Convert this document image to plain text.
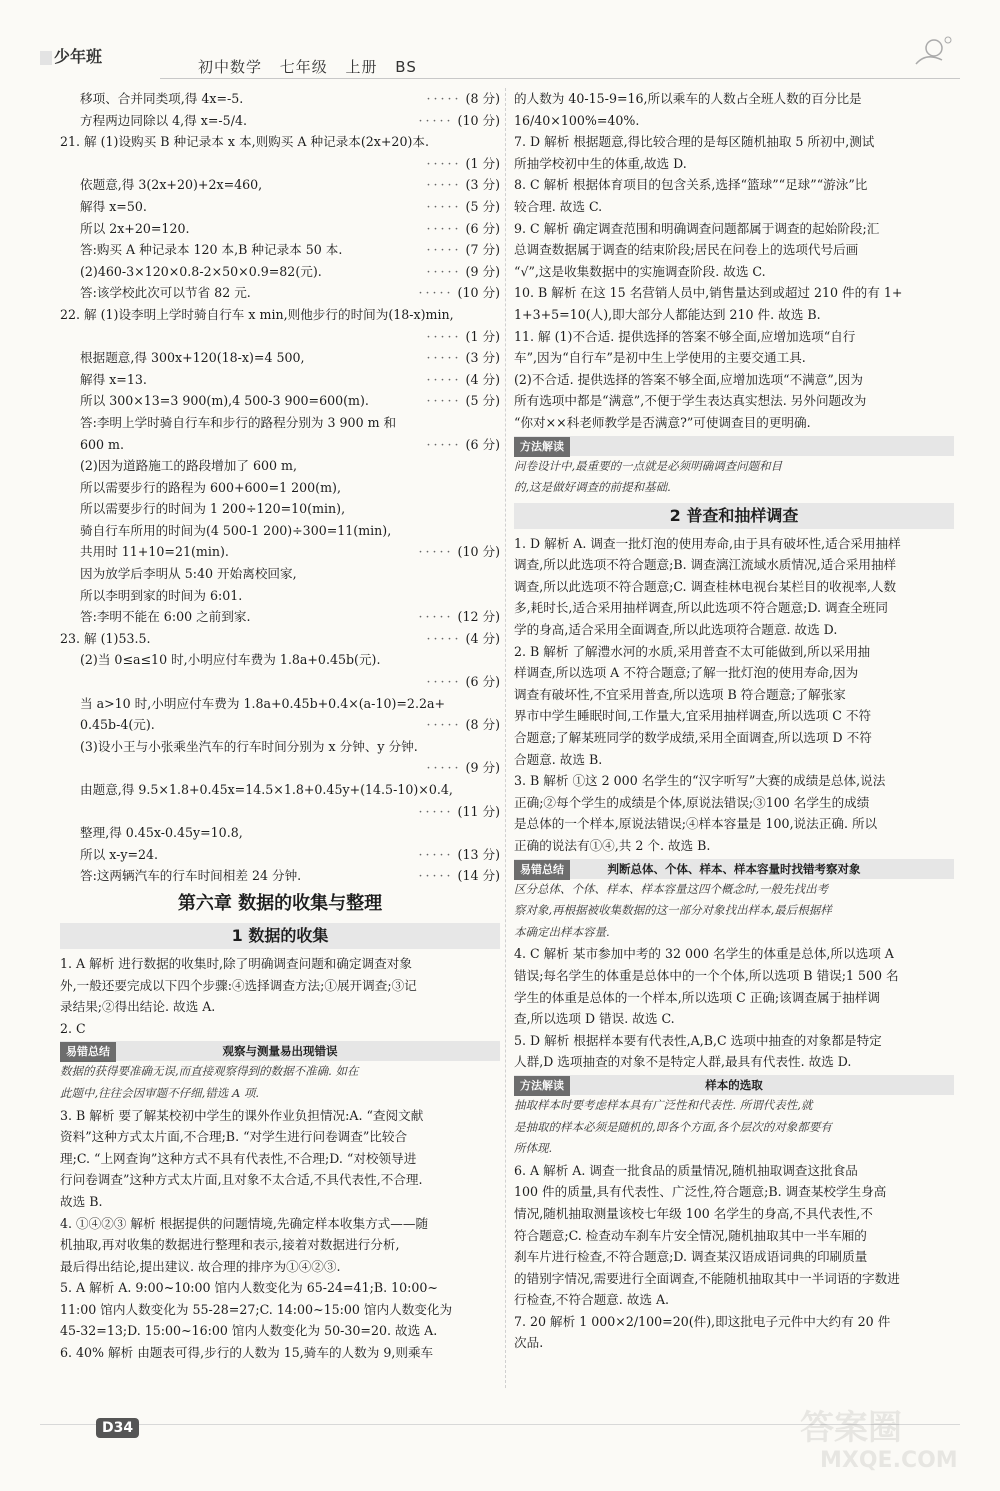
少年班
初中数学 七年级 上册 BS
移项、合并同类项,得 4x=-5.	····· (8 分)
方程两边同除以 4,得 x=-5/4.	····· (10 分)
21. 解 (1)设购买 B 种记录本 x 本,则购买 A 种记录本(2x+20)本.
····· (1 分)
依题意,得 3(2x+20)+2x=460,	····· (3 分)
解得 x=50.	····· (5 分)
所以 2x+20=120.	····· (6 分)
答:购买 A 种记录本 120 本,B 种记录本 50 本.	····· (7 分)
(2)460-3×120×0.8-2×50×0.9=82(元).	····· (9 分)
答:该学校此次可以节省 82 元.	····· (10 分)
22. 解 (1)设李明上学时骑自行车 x min,则他步行的时间为(18-x)min,
····· (1 分)
根据题意,得 300x+120(18-x)=4 500,	····· (3 分)
解得 x=13.	····· (4 分)
所以 300×13=3 900(m),4 500-3 900=600(m).	····· (5 分)
答:李明上学时骑自行车和步行的路程分别为 3 900 m 和
600 m.	····· (6 分)
(2)因为道路施工的路段增加了 600 m,
所以需要步行的路程为 600+600=1 200(m),
所以需要步行的时间为 1 200÷120=10(min),
骑自行车所用的时间为(4 500-1 200)÷300=11(min),
共用时 11+10=21(min).	····· (10 分)
因为放学后李明从 5:40 开始离校回家,
所以李明到家的时间为 6:01.
答:李明不能在 6:00 之前到家.	····· (12 分)
23. 解 (1)53.5.	····· (4 分)
(2)当 0≤a≤10 时,小明应付车费为 1.8a+0.45b(元).
····· (6 分)
当 a>10 时,小明应付车费为 1.8a+0.45b+0.4×(a-10)=2.2a+
0.45b-4(元).	····· (8 分)
(3)设小王与小张乘坐汽车的行车时间分别为 x 分钟、y 分钟.
····· (9 分)
由题意,得 9.5×1.8+0.45x=14.5×1.8+0.45y+(14.5-10)×0.4,
····· (11 分)
整理,得 0.45x-0.45y=10.8,
所以 x-y=24.	····· (13 分)
答:这两辆汽车的行车时间相差 24 分钟.	····· (14 分)
第六章 数据的收集与整理
1 数据的收集
1. A 解析 进行数据的收集时,除了明确调查问题和确定调查对象
外,一般还要完成以下四个步骤:④选择调查方法;①展开调查;③记
录结果;②得出结论. 故选 A.
2. C
易错总结	观察与测量易出现错误
数据的获得要准确无误,而直接观察得到的数据不准确. 如在
此题中,往往会因审题不仔细,错选 A 项.
3. B 解析 要了解某校初中学生的课外作业负担情况:A. “查阅文献
资料”这种方式太片面,不合理;B. “对学生进行问卷调查”比较合
理;C. “上网查询”这种方式不具有代表性,不合理;D. “对校领导进
行问卷调查”这种方式太片面,且对象不太合适,不具代表性,不合理.
故选 B.
4. ①④②③ 解析 根据提供的问题情境,先确定样本收集方式——随
机抽取,再对收集的数据进行整理和表示,接着对数据进行分析,
最后得出结论,提出建议. 故合理的排序为①④②③.
5. A 解析 A. 9:00~10:00 馆内人数变化为 65-24=41;B. 10:00~
11:00 馆内人数变化为 55-28=27;C. 14:00~15:00 馆内人数变化为
45-32=13;D. 15:00~16:00 馆内人数变化为 50-30=20. 故选 A.
6. 40% 解析 由题表可得,步行的人数为 15,骑车的人数为 9,则乘车
的人数为 40-15-9=16,所以乘车的人数占全班人数的百分比是
16/40×100%=40%.
7. D 解析 根据题意,得比较合理的是每区随机抽取 5 所初中,测试
所抽学校初中生的体重,故选 D.
8. C 解析 根据体育项目的包含关系,选择“篮球”“足球”“游泳”比
较合理. 故选 C.
9. C 解析 确定调查范围和明确调查问题都属于调查的起始阶段;汇
总调查数据属于调查的结束阶段;居民在问卷上的选项代号后画
“√”,这是收集数据中的实施调查阶段. 故选 C.
10. B 解析 在这 15 名营销人员中,销售量达到或超过 210 件的有 1+
1+3+5=10(人),即大部分人都能达到 210 件. 故选 B.
11. 解 (1)不合适. 提供选择的答案不够全面,应增加选项“自行
车”,因为“自行车”是初中生上学使用的主要交通工具.
(2)不合适. 提供选择的答案不够全面,应增加选项“不满意”,因为
所有选项中都是“满意”,不便于学生表达真实想法. 另外问题改为
“你对××科老师教学是否满意?”可使调查目的更明确.
方法解读
问卷设计中,最重要的一点就是必须明确调查问题和目
的,这是做好调查的前提和基础.
2 普查和抽样调查
1. D 解析 A. 调查一批灯泡的使用寿命,由于具有破坏性,适合采用抽样
调查,所以此选项不符合题意;B. 调查漓江流域水质情况,适合采用抽样
调查,所以此选项不符合题意;C. 调查桂林电视台某栏目的收视率,人数
多,耗时长,适合采用抽样调查,所以此选项不符合题意;D. 调查全班同
学的身高,适合采用全面调查,所以此选项符合题意. 故选 D.
2. B 解析 了解澧水河的水质,采用普查不太可能做到,所以采用抽
样调查,所以选项 A 不符合题意;了解一批灯泡的使用寿命,因为
调查有破坏性,不宜采用普查,所以选项 B 符合题意;了解张家
界市中学生睡眠时间,工作量大,宜采用抽样调查,所以选项 C 不符
合题意;了解某班同学的数学成绩,采用全面调查,所以选项 D 不符
合题意. 故选 B.
3. B 解析 ①这 2 000 名学生的“汉字听写”大赛的成绩是总体,说法
正确;②每个学生的成绩是个体,原说法错误;③100 名学生的成绩
是总体的一个样本,原说法错误;④样本容量是 100,说法正确. 所以
正确的说法有①④,共 2 个. 故选 B.
易错总结	判断总体、个体、样本、样本容量时找错考察对象
区分总体、个体、样本、样本容量这四个概念时,一般先找出考
察对象,再根据被收集数据的这一部分对象找出样本,最后根据样
本确定出样本容量.
4. C 解析 某市参加中考的 32 000 名学生的体重是总体,所以选项 A
错误;每名学生的体重是总体中的一个个体,所以选项 B 错误;1 500 名
学生的体重是总体的一个样本,所以选项 C 正确;该调查属于抽样调
查,所以选项 D 错误. 故选 C.
5. D 解析 根据样本要有代表性,A,B,C 选项中抽查的对象都是特定
人群,D 选项抽查的对象不是特定人群,最具有代表性. 故选 D.
方法解读	样本的选取
抽取样本时要考虑样本具有广泛性和代表性. 所谓代表性,就
是抽取的样本必须是随机的,即各个方面,各个层次的对象都要有
所体现.
6. A 解析 A. 调查一批食品的质量情况,随机抽取调查这批食品
100 件的质量,具有代表性、广泛性,符合题意;B. 调查某校学生身高
情况,随机抽取测量该校七年级 100 名学生的身高,不具代表性,不
符合题意;C. 检查动车刹车片安全情况,随机抽取其中一半车厢的
刹车片进行检查,不符合题意;D. 调查某汉语成语词典的印刷质量
的错别字情况,需要进行全面调查,不能随机抽取其中一半词语的字数进
行检查,不符合题意. 故选 A.
7. 20 解析 1 000×2/100=20(件),即这批电子元件中大约有 20 件
次品.
D34	答案圈
MXQE.COM
